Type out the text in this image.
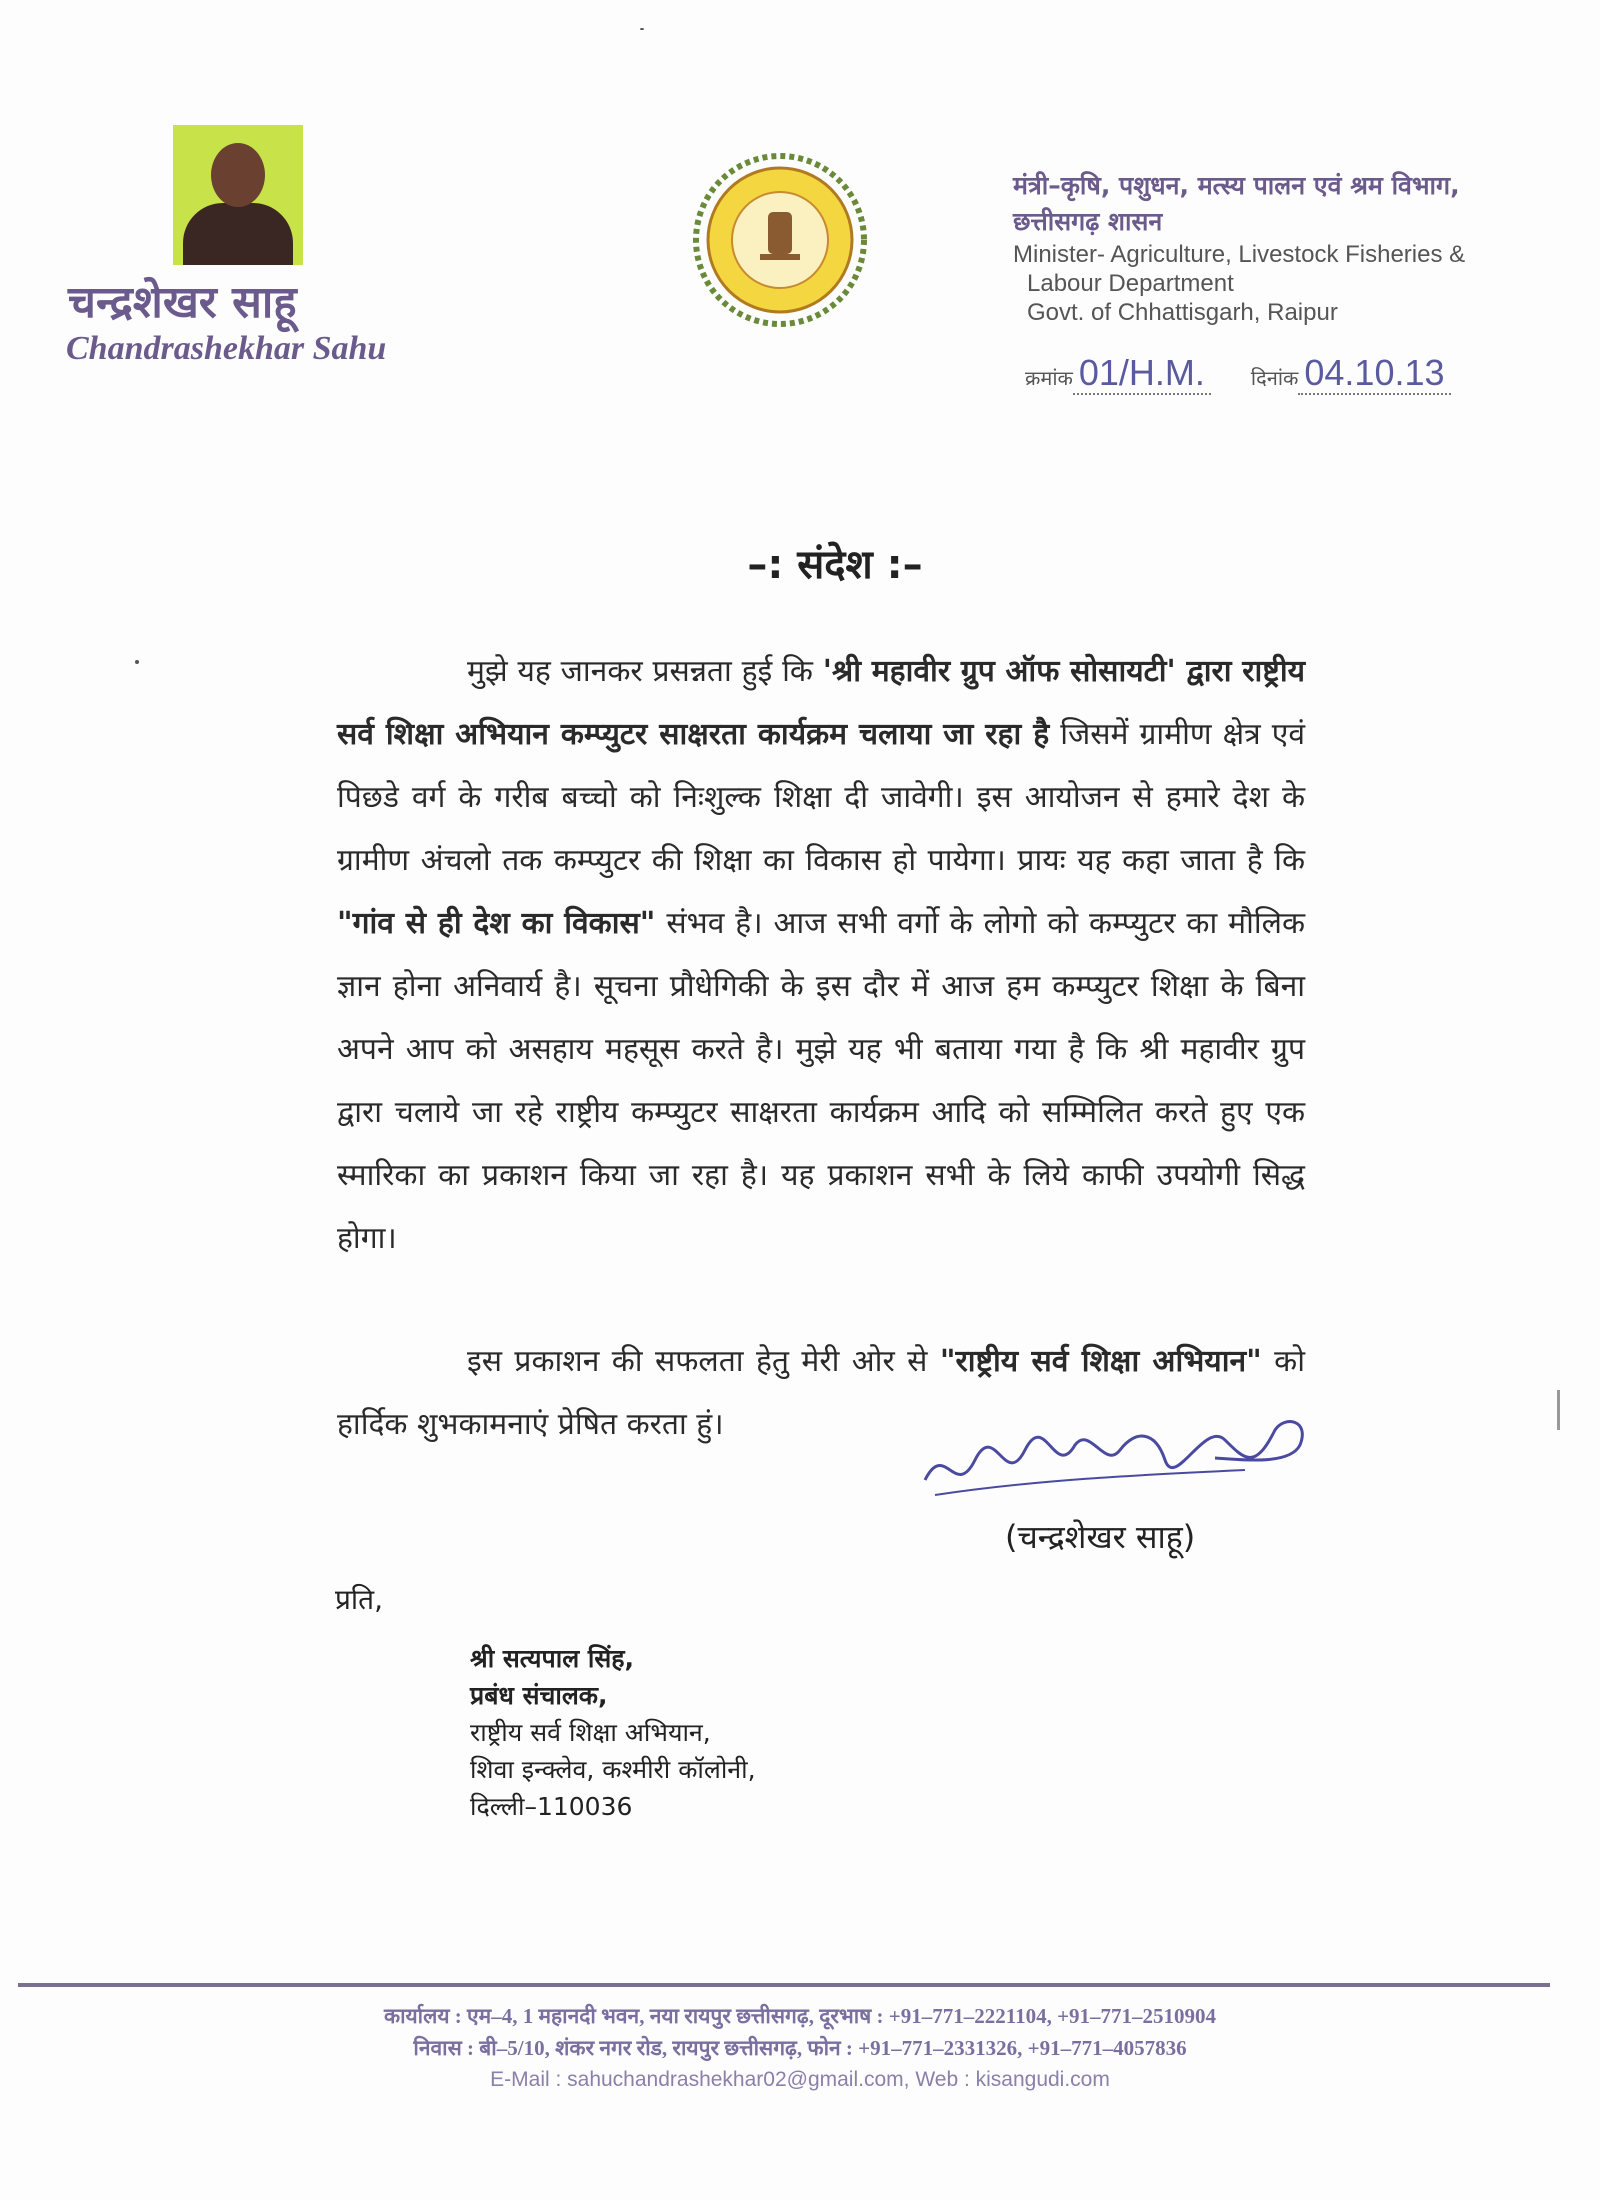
चन्द्रशेखर साहू
Chandrashekhar Sahu
मंत्री–कृषि, पशुधन, मत्स्य पालन एवं श्रम विभाग,
छत्तीसगढ़ शासन
Minister- Agriculture, Livestock Fisheries &
Labour Department
Govt. of Chhattisgarh, Raipur
क्रमांक 01/H.M.	दिनांक 04.10.13
–: संदेश :–
मुझे यह जानकर प्रसन्नता हुई कि 'श्री महावीर ग्रुप ऑफ सोसायटी' द्वारा राष्ट्रीय सर्व शिक्षा अभियान कम्प्युटर साक्षरता कार्यक्रम चलाया जा रहा है जिसमें ग्रामीण क्षेत्र एवं पिछडे वर्ग के गरीब बच्चो को निःशुल्क शिक्षा दी जावेगी। इस आयोजन से हमारे देश के ग्रामीण अंचलो तक कम्प्युटर की शिक्षा का विकास हो पायेगा। प्रायः यह कहा जाता है कि "गांव से ही देश का विकास" संभव है। आज सभी वर्गो के लोगो को कम्प्युटर का मौलिक ज्ञान होना अनिवार्य है। सूचना प्रौधेगिकी के इस दौर में आज हम कम्प्युटर शिक्षा के बिना अपने आप को असहाय महसूस करते है। मुझे यह भी बताया गया है कि श्री महावीर ग्रुप द्वारा चलाये जा रहे राष्ट्रीय कम्प्युटर साक्षरता कार्यक्रम आदि को सम्मिलित करते हुए एक स्मारिका का प्रकाशन किया जा रहा है। यह प्रकाशन सभी के लिये काफी उपयोगी सिद्ध होगा।
इस प्रकाशन की सफलता हेतु मेरी ओर से "राष्ट्रीय सर्व शिक्षा अभियान" को हार्दिक शुभकामनाएं प्रेषित करता हुं।
(चन्द्रशेखर साहू)
प्रति,
श्री सत्यपाल सिंह,
प्रबंध संचालक,
राष्ट्रीय सर्व शिक्षा अभियान,
शिवा इन्क्लेव, कश्मीरी कॉलोनी,
दिल्ली–110036
कार्यालय : एम–4, 1 महानदी भवन, नया रायपुर छत्तीसगढ़, दूरभाष : +91–771–2221104, +91–771–2510904
निवास : बी–5/10, शंकर नगर रोड, रायपुर छत्तीसगढ़, फोन : +91–771–2331326, +91–771–4057836
E-Mail : sahuchandrashekhar02@gmail.com, Web : kisangudi.com
